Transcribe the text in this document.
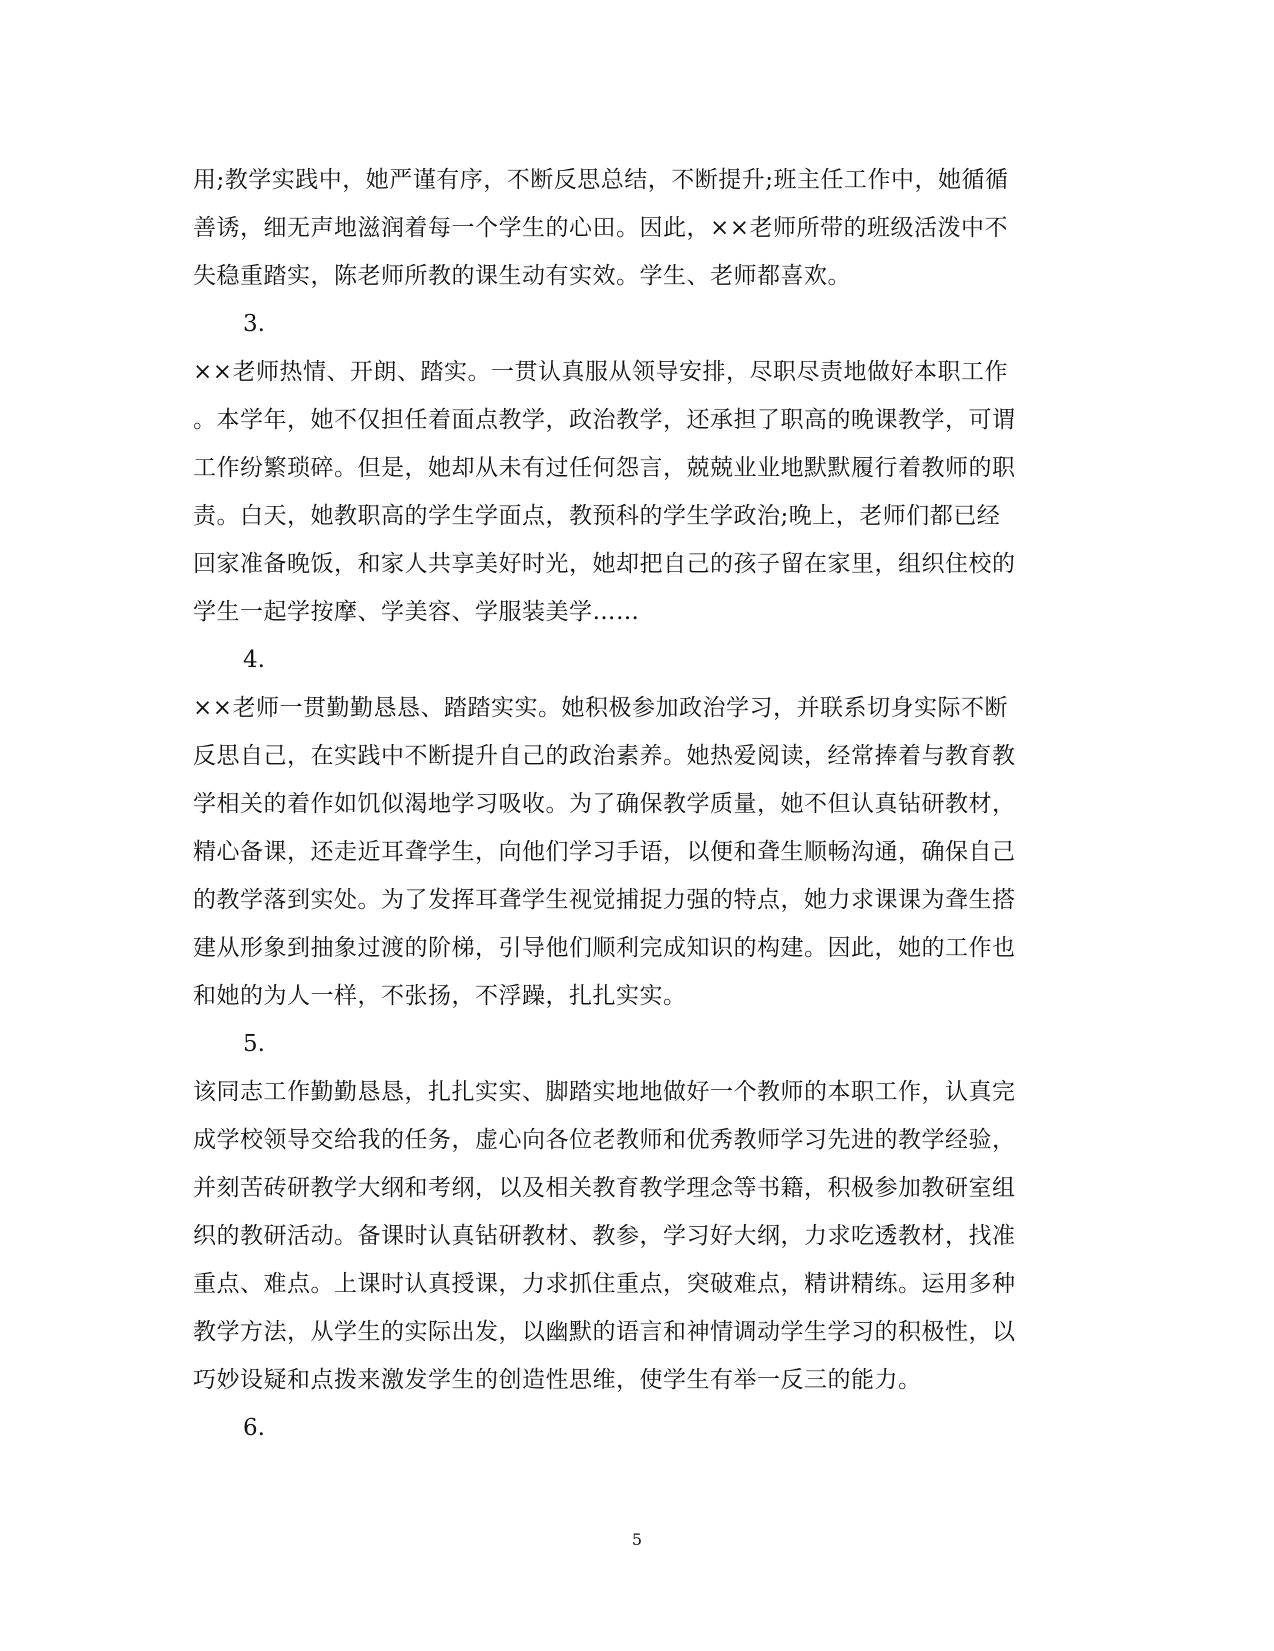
用;教学实践中，她严谨有序，不断反思总结，不断提升;班主任工作中，她循循
善诱，细无声地滋润着每一个学生的心田。因此，××老师所带的班级活泼中不
失稳重踏实，陈老师所教的课生动有实效。学生、老师都喜欢。
3.
××老师热情、开朗、踏实。一贯认真服从领导安排，尽职尽责地做好本职工作
。本学年，她不仅担任着面点教学，政治教学，还承担了职高的晚课教学，可谓
工作纷繁琐碎。但是，她却从未有过任何怨言，兢兢业业地默默履行着教师的职
责。白天，她教职高的学生学面点，教预科的学生学政治;晚上，老师们都已经
回家准备晚饭，和家人共享美好时光，她却把自己的孩子留在家里，组织住校的
学生一起学按摩、学美容、学服装美学……
4.
××老师一贯勤勤恳恳、踏踏实实。她积极参加政治学习，并联系切身实际不断
反思自己，在实践中不断提升自己的政治素养。她热爱阅读，经常捧着与教育教
学相关的着作如饥似渴地学习吸收。为了确保教学质量，她不但认真钻研教材，
精心备课，还走近耳聋学生，向他们学习手语，以便和聋生顺畅沟通，确保自己
的教学落到实处。为了发挥耳聋学生视觉捕捉力强的特点，她力求课课为聋生搭
建从形象到抽象过渡的阶梯，引导他们顺利完成知识的构建。因此，她的工作也
和她的为人一样，不张扬，不浮躁，扎扎实实。
5.
该同志工作勤勤恳恳，扎扎实实、脚踏实地地做好一个教师的本职工作，认真完
成学校领导交给我的任务，虚心向各位老教师和优秀教师学习先进的教学经验，
并刻苦砖研教学大纲和考纲，以及相关教育教学理念等书籍，积极参加教研室组
织的教研活动。备课时认真钻研教材、教参，学习好大纲，力求吃透教材，找准
重点、难点。上课时认真授课，力求抓住重点，突破难点，精讲精练。运用多种
教学方法，从学生的实际出发，以幽默的语言和神情调动学生学习的积极性，以
巧妙设疑和点拨来激发学生的创造性思维，使学生有举一反三的能力。
6.
5
